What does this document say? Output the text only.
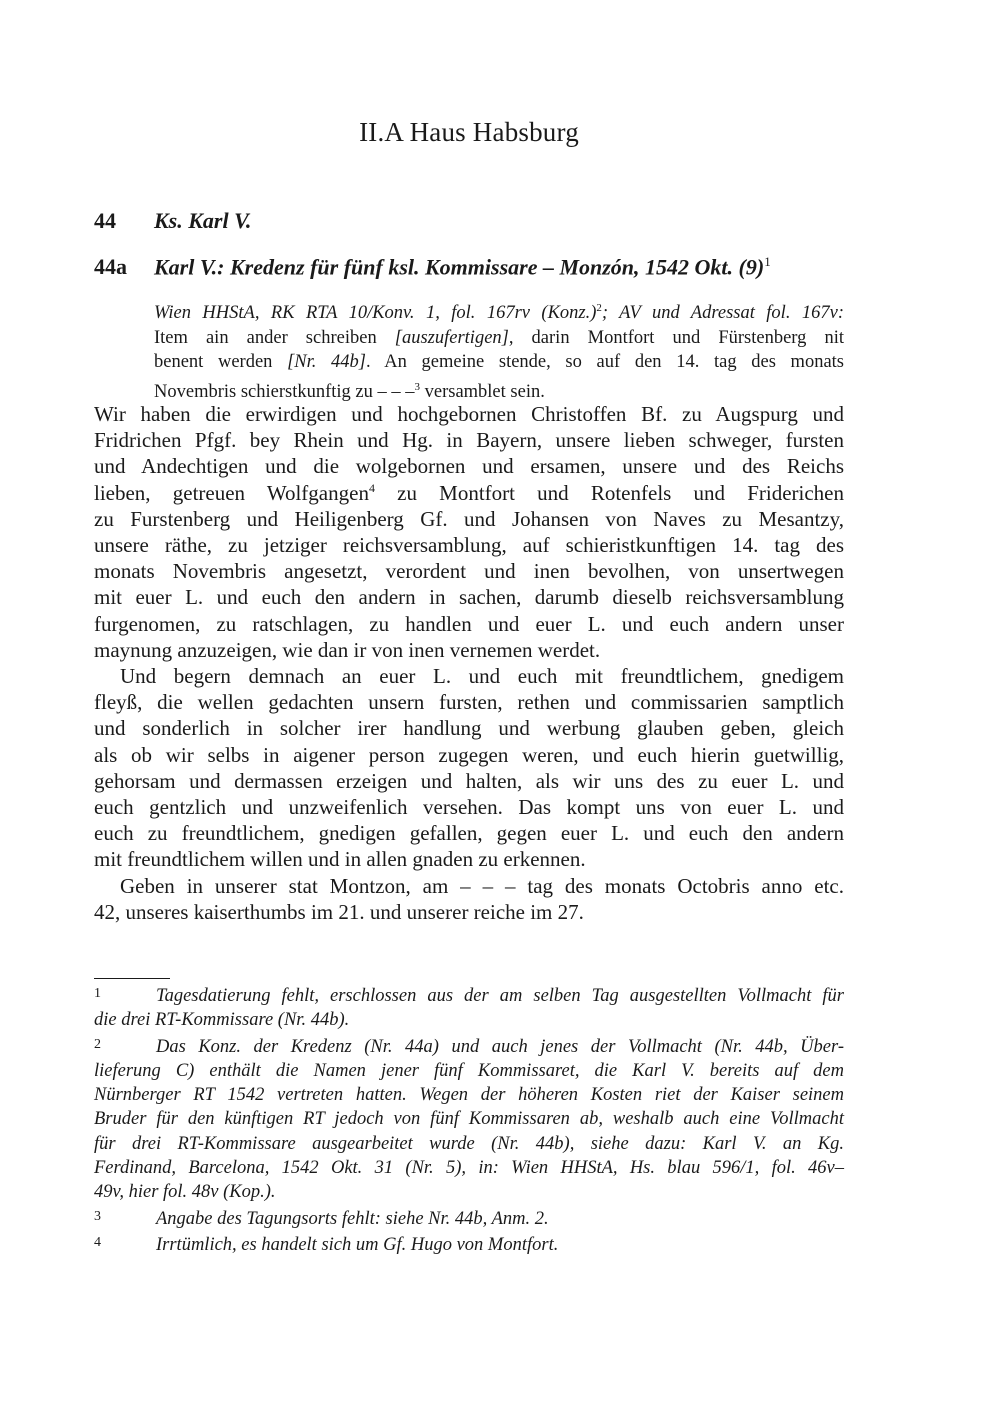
II.A Haus Habsburg
44 Ks. Karl V.
44a Karl V.: Kredenz für fünf ksl. Kommissare – Monzón, 1542 Okt. $(9)^1$
Wien HHStA, RK RTA 10/Konv. 1, fol. 167rv (Konz.)$^2$; AV und Adressat fol. 167v:
Item ain ander schreiben [auszufertigen], darin Montfort und Fürstenberg nit
benent werden [Nr. 44b]. An gemeine stende, so auf den 14. tag des monats
Novembris schierstkunftig zu – – –$^3$ versamblet sein.

Wir haben die erwirdigen und hochgebornen Christoffen Bf. zu Augspurg und
Fridrichen Pfgf. bey Rhein und Hg. in Bayern, unsere lieben schweger, fursten
und Andechtigen und die wolgebornen und ersamen, unsere und des Reichs
lieben, getreuen Wolfgangen$^4$ zu Montfort und Rotenfels und Friderichen
zu Furstenberg und Heiligenberg Gf. und Johansen von Naves zu Mesantzy,
unsere räthe, zu jetziger reichsversamblung, auf schieristkunftigen 14. tag des
monats Novembris angesetzt, verordent und inen bevolhen, von unsertwegen
mit euer L. und euch den andern in sachen, darumb dieselb reichsversamblung
furgenomen, zu ratschlagen, zu handlen und euer L. und euch andern unser
maynung anzuzeigen, wie dan ir von inen vernemen werdet.

Und begern demnach an euer L. und euch mit freundtlichem, gnedigem
fleyß, die wellen gedachten unsern fursten, rethen und commissarien samptlich
und sonderlich in solcher irer handlung und werbung glauben geben, gleich
als ob wir selbs in aigener person zugegen weren, und euch hierin guetwillig,
gehorsam und dermassen erzeigen und halten, als wir uns des zu euer L. und
euch gentzlich und unzweifenlich versehen. Das kompt uns von euer L. und
euch zu freundtlichem, gnedigen gefallen, gegen euer L. und euch den andern
mit freundtlichem willen und in allen gnaden zu erkennen.

Geben in unserer stat Montzon, am – – – tag des monats Octobris anno etc.
42, unseres kaiserthumbs im 21. und unserer reiche im 27.

1	Tagesdatierung fehlt, erschlossen aus der am selben Tag ausgestellten Vollmacht für
die drei RT-Kommissare (Nr. 44b).
2	Das Konz. der Kredenz (Nr. 44a) und auch jenes der Vollmacht (Nr. 44b, Über-
lieferung C) enthält die Namen jener fünf Kommissaret, die Karl V. bereits auf dem
Nürnberger RT 1542 vertreten hatten. Wegen der höheren Kosten riet der Kaiser seinem
Bruder für den künftigen RT jedoch von fünf Kommissaren ab, weshalb auch eine Vollmacht
für drei RT-Kommissare ausgearbeitet wurde (Nr. 44b), siehe dazu: Karl V. an Kg.
Ferdinand, Barcelona, 1542 Okt. 31 (Nr. 5), in: Wien HHStA, Hs. blau 596/1, fol. 46v–
49v, hier fol. 48v (Kop.).
3	Angabe des Tagungsorts fehlt: siehe Nr. 44b, Anm. 2.
4	Irrtümlich, es handelt sich um Gf. Hugo von Montfort.
